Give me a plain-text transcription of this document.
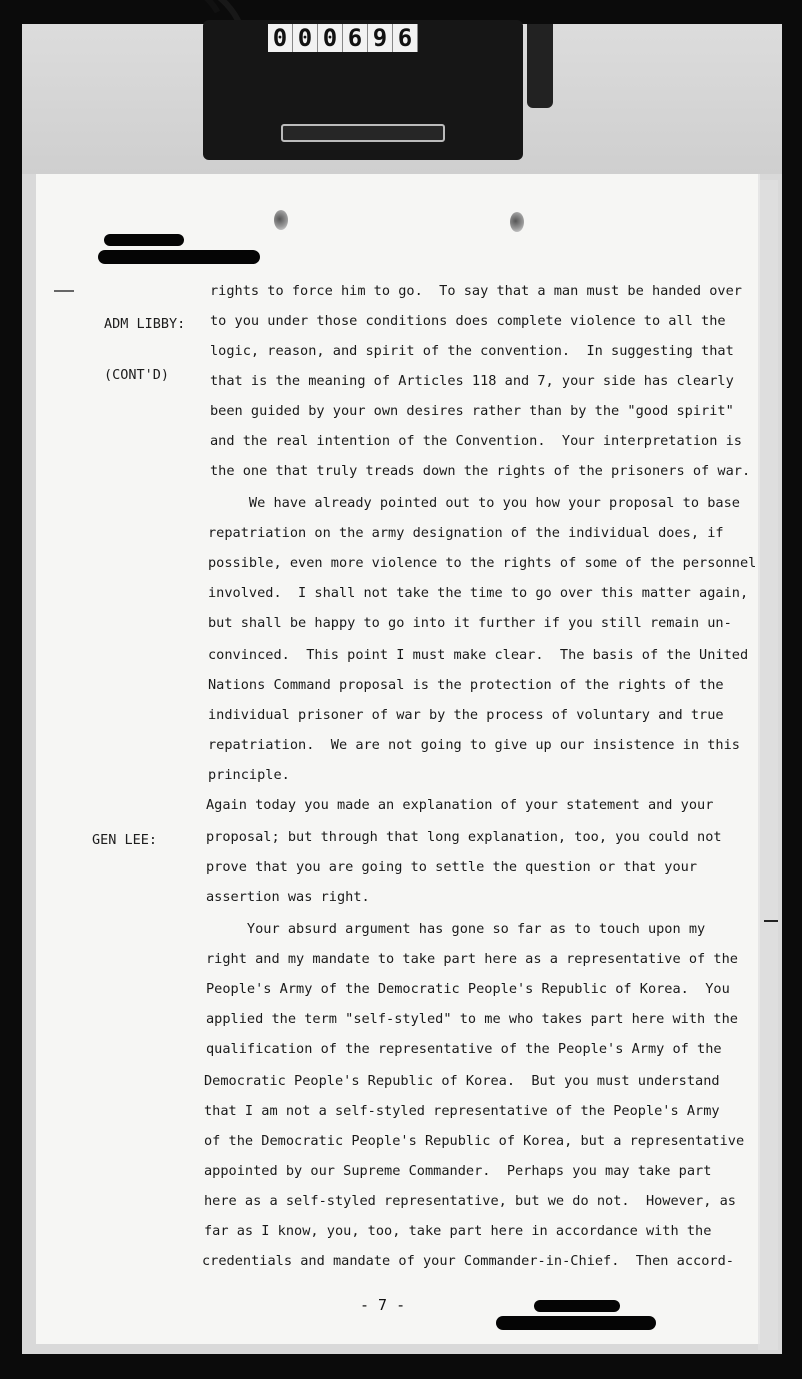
0 0 0 6 9 6

ADM LIBBY:

(CONT'D)

GEN LEE:

rights to force him to go.  To say that a man must be handed over
to you under those conditions does complete violence to all the
logic, reason, and spirit of the convention.  In suggesting that
that is the meaning of Articles 118 and 7, your side has clearly
been guided by your own desires rather than by the "good spirit"
and the real intention of the Convention.  Your interpretation is
the one that truly treads down the rights of the prisoners of war.
We have already pointed out to you how your proposal to base
repatriation on the army designation of the individual does, if
possible, even more violence to the rights of some of the personnel
involved.  I shall not take the time to go over this matter again,
but shall be happy to go into it further if you still remain un-
convinced.  This point I must make clear.  The basis of the United
Nations Command proposal is the protection of the rights of the
individual prisoner of war by the process of voluntary and true
repatriation.  We are not going to give up our insistence in this
principle.
Again today you made an explanation of your statement and your
proposal; but through that long explanation, too, you could not
prove that you are going to settle the question or that your
assertion was right.
Your absurd argument has gone so far as to touch upon my
right and my mandate to take part here as a representative of the
People's Army of the Democratic People's Republic of Korea.  You
applied the term "self-styled" to me who takes part here with the
qualification of the representative of the People's Army of the
Democratic People's Republic of Korea.  But you must understand
that I am not a self-styled representative of the People's Army
of the Democratic People's Republic of Korea, but a representative
appointed by our Supreme Commander.  Perhaps you may take part
here as a self-styled representative, but we do not.  However, as
far as I know, you, too, take part here in accordance with the
credentials and mandate of your Commander-in-Chief.  Then accord-
- 7 -
